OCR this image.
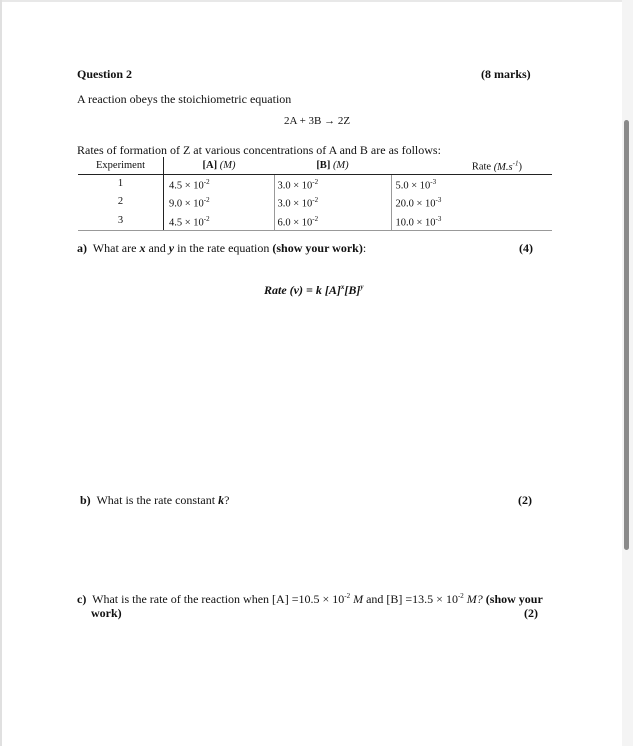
Question 2	(8 marks)
A reaction obeys the stoichiometric equation
2A + 3B → 2Z
Rates of formation of Z at various concentrations of A and B are as follows:
Experiment	[A] (M)	[B] (M)	Rate $(M.s^{-1})$
1	$4.5 \times 10^{-2}$	$3.0 \times 10^{-2}$	$5.0 \times 10^{-3}$
2	$9.0 \times 10^{-2}$	$3.0 \times 10^{-2}$	$20.0 \times 10^{-3}$
3	$4.5 \times 10^{-2}$	$6.0 \times 10^{-2}$	$10.0 \times 10^{-3}$
a) What are x and y in the rate equation (show your work):	(4)
Rate (v) = k $[A]^x[B]^y$
b) What is the rate constant k?	(2)
c) What is the rate of the reaction when $[A] =10.5 \times 10^{-2}$ M and $[B] =13.5 \times 10^{-2}$ M? (show your
work)	(2)
